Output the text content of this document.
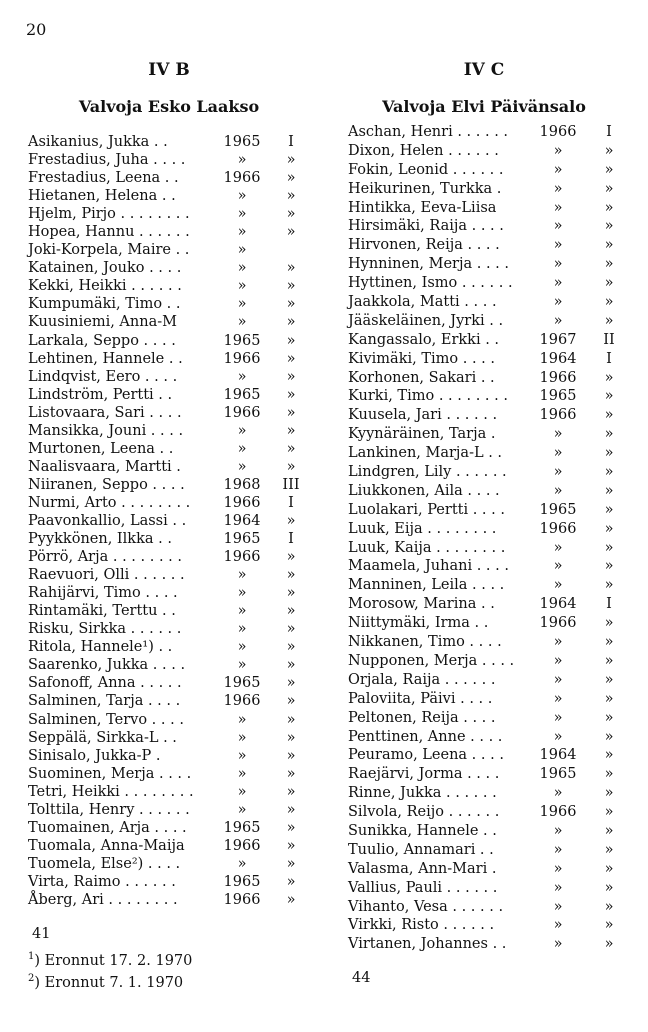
20
IV B
Valvoja Esko Laakso
Asikanius, Jukka . .	1965	I
Frestadius, Juha . . . .	»	»
Frestadius, Leena . .	1966	»
Hietanen, Helena . .	»	»
Hjelm, Pirjo . . . . . . . .	»	»
Hopea, Hannu . . . . . .	»	»
Joki-Korpela, Maire . .	»
Katainen, Jouko . . . .	»	»
Kekki, Heikki . . . . . .	»	»
Kumpumäki, Timo . .	»	»
Kuusiniemi, Anna-M	»	»
Larkala, Seppo . . . .	1965	»
Lehtinen, Hannele . .	1966	»
Lindqvist, Eero . . . .	»	»
Lindström, Pertti . .	1965	»
Listovaara, Sari . . . .	1966	»
Mansikka, Jouni . . . .	»	»
Murtonen, Leena . .	»	»
Naalisvaara, Martti .	»	»
Niiranen, Seppo . . . .	1968	III
Nurmi, Arto . . . . . . . . 1966	I
Paavonkallio, Lassi . .	1964	»
Pyykkönen, Ilkka . .	1965	I
Pörrö, Arja . . . . . . . .	1966	»
Raevuori, Olli . . . . . .	»	»
Rahijärvi, Timo . . . .	»	»
Rintamäki, Terttu . .	»	»
Risku, Sirkka . . . . . .	»	»
Ritola, Hannele¹) . .	»	»
Saarenko, Jukka . . . .	»	»
Safonoff, Anna . . . . .	1965	»
Salminen, Tarja . . . .	1966	»
Salminen, Tervo . . . .	»	»
Seppälä, Sirkka-L . .	»	»
Sinisalo, Jukka-P .	»	»
Suominen, Merja . . . .	»	»
Tetri, Heikki . . . . . . . .	»	»
Tolttila, Henry . . . . . .	»	»
Tuomainen, Arja . . . .	1965	»
Tuomala, Anna-Maija	1966	»
Tuomela, Else²) . . . .	»	»
Virta, Raimo . . . . . .	1965	»
Åberg, Ari . . . . . . . .	1966	»
41
IV C
Valvoja Elvi Päivänsalo
Aschan, Henri . . . . . . 1966	I
Dixon, Helen . . . . . .	»	»
Fokin, Leonid . . . . . .	»	»
Heikurinen, Turkka .	»	»
Hintikka, Eeva-Liisa	»	»
Hirsimäki, Raija . . . .	»	»
Hirvonen, Reija . . . .	»	»
Hynninen, Merja . . . .	»	»
Hyttinen, Ismo . . . . . .	»	»
Jaakkola, Matti . . . .	»	»
Jääskeläinen, Jyrki . .	»	»
Kangassalo, Erkki . .	1967	II
Kivimäki, Timo . . . .	1964	I
Korhonen, Sakari . .	1966	»
Kurki, Timo . . . . . . . . 1965	»
Kuusela, Jari . . . . . .	1966	»
Kyynäräinen, Tarja .	»	»
Lankinen, Marja-L . .	»	»
Lindgren, Lily . . . . . .	»	»
Liukkonen, Aila . . . .	»	»
Luolakari, Pertti . . . . 1965	»
Luuk, Eija . . . . . . . .	1966	»
Luuk, Kaija . . . . . . . .	»	»
Maamela, Juhani . . . .	»	»
Manninen, Leila . . . .	»	»
Morosow, Marina . .	1964	I
Niittymäki, Irma . .	1966	»
Nikkanen, Timo . . . .	»	»
Nupponen, Merja . . . .	»	»
Orjala, Raija . . . . . .	»	»
Paloviita, Päivi . . . .	»	»
Peltonen, Reija . . . .	»	»
Penttinen, Anne . . . .	»	»
Peuramo, Leena . . . . 1964	»
Raejärvi, Jorma . . . .	1965	»
Rinne, Jukka . . . . . .	»	»
Silvola, Reijo . . . . . .	1966	»
Sunikka, Hannele . .	»	»
Tuulio, Annamari . .	»	»
Valasma, Ann-Mari .	»	»
Vallius, Pauli . . . . . .	»	»
Vihanto, Vesa . . . . . .	»	»
Virkki, Risto . . . . . .	»	»
Virtanen, Johannes . .	»	»
44
$^1$) Eronnut 17. 2. 1970
$^2$) Eronnut 7. 1. 1970
